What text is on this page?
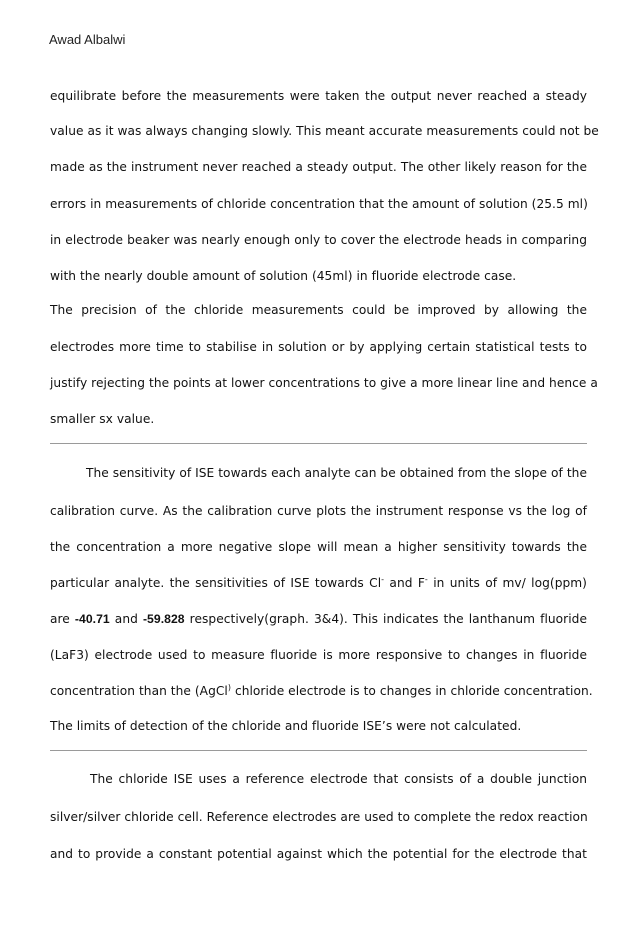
Awad Albalwi
equilibrate before the measurements were taken the output never reached a steady
value as it was always changing slowly. This meant accurate measurements could not be
made as the instrument never reached a steady output. The other likely reason for the
errors in measurements of chloride concentration that the amount of solution (25.5 ml)
in electrode beaker was nearly enough only to cover the electrode heads in comparing
with the nearly double amount of solution (45ml) in fluoride electrode case.
The precision of the chloride measurements could be improved by allowing the
electrodes more time to stabilise in solution or by applying certain statistical tests to
justify rejecting the points at lower concentrations to give a more linear line and hence a
smaller sx value.
The sensitivity of ISE towards each analyte can be obtained from the slope of the
calibration curve. As the calibration curve plots the instrument response vs the log of
the concentration a more negative slope will mean a higher sensitivity towards the
particular analyte. the sensitivities of ISE towards Cl- and F- in units of mv/ log(ppm)
are -40.71 and -59.828 respectively(graph. 3&4). This indicates the lanthanum fluoride
(LaF3) electrode used to measure fluoride is more responsive to changes in fluoride
concentration than the (AgCl) chloride electrode is to changes in chloride concentration.
The limits of detection of the chloride and fluoride ISE’s were not calculated.
The chloride ISE uses a reference electrode that consists of a double junction
silver/silver chloride cell. Reference electrodes are used to complete the redox reaction
and to provide a constant potential against which the potential for the electrode that
